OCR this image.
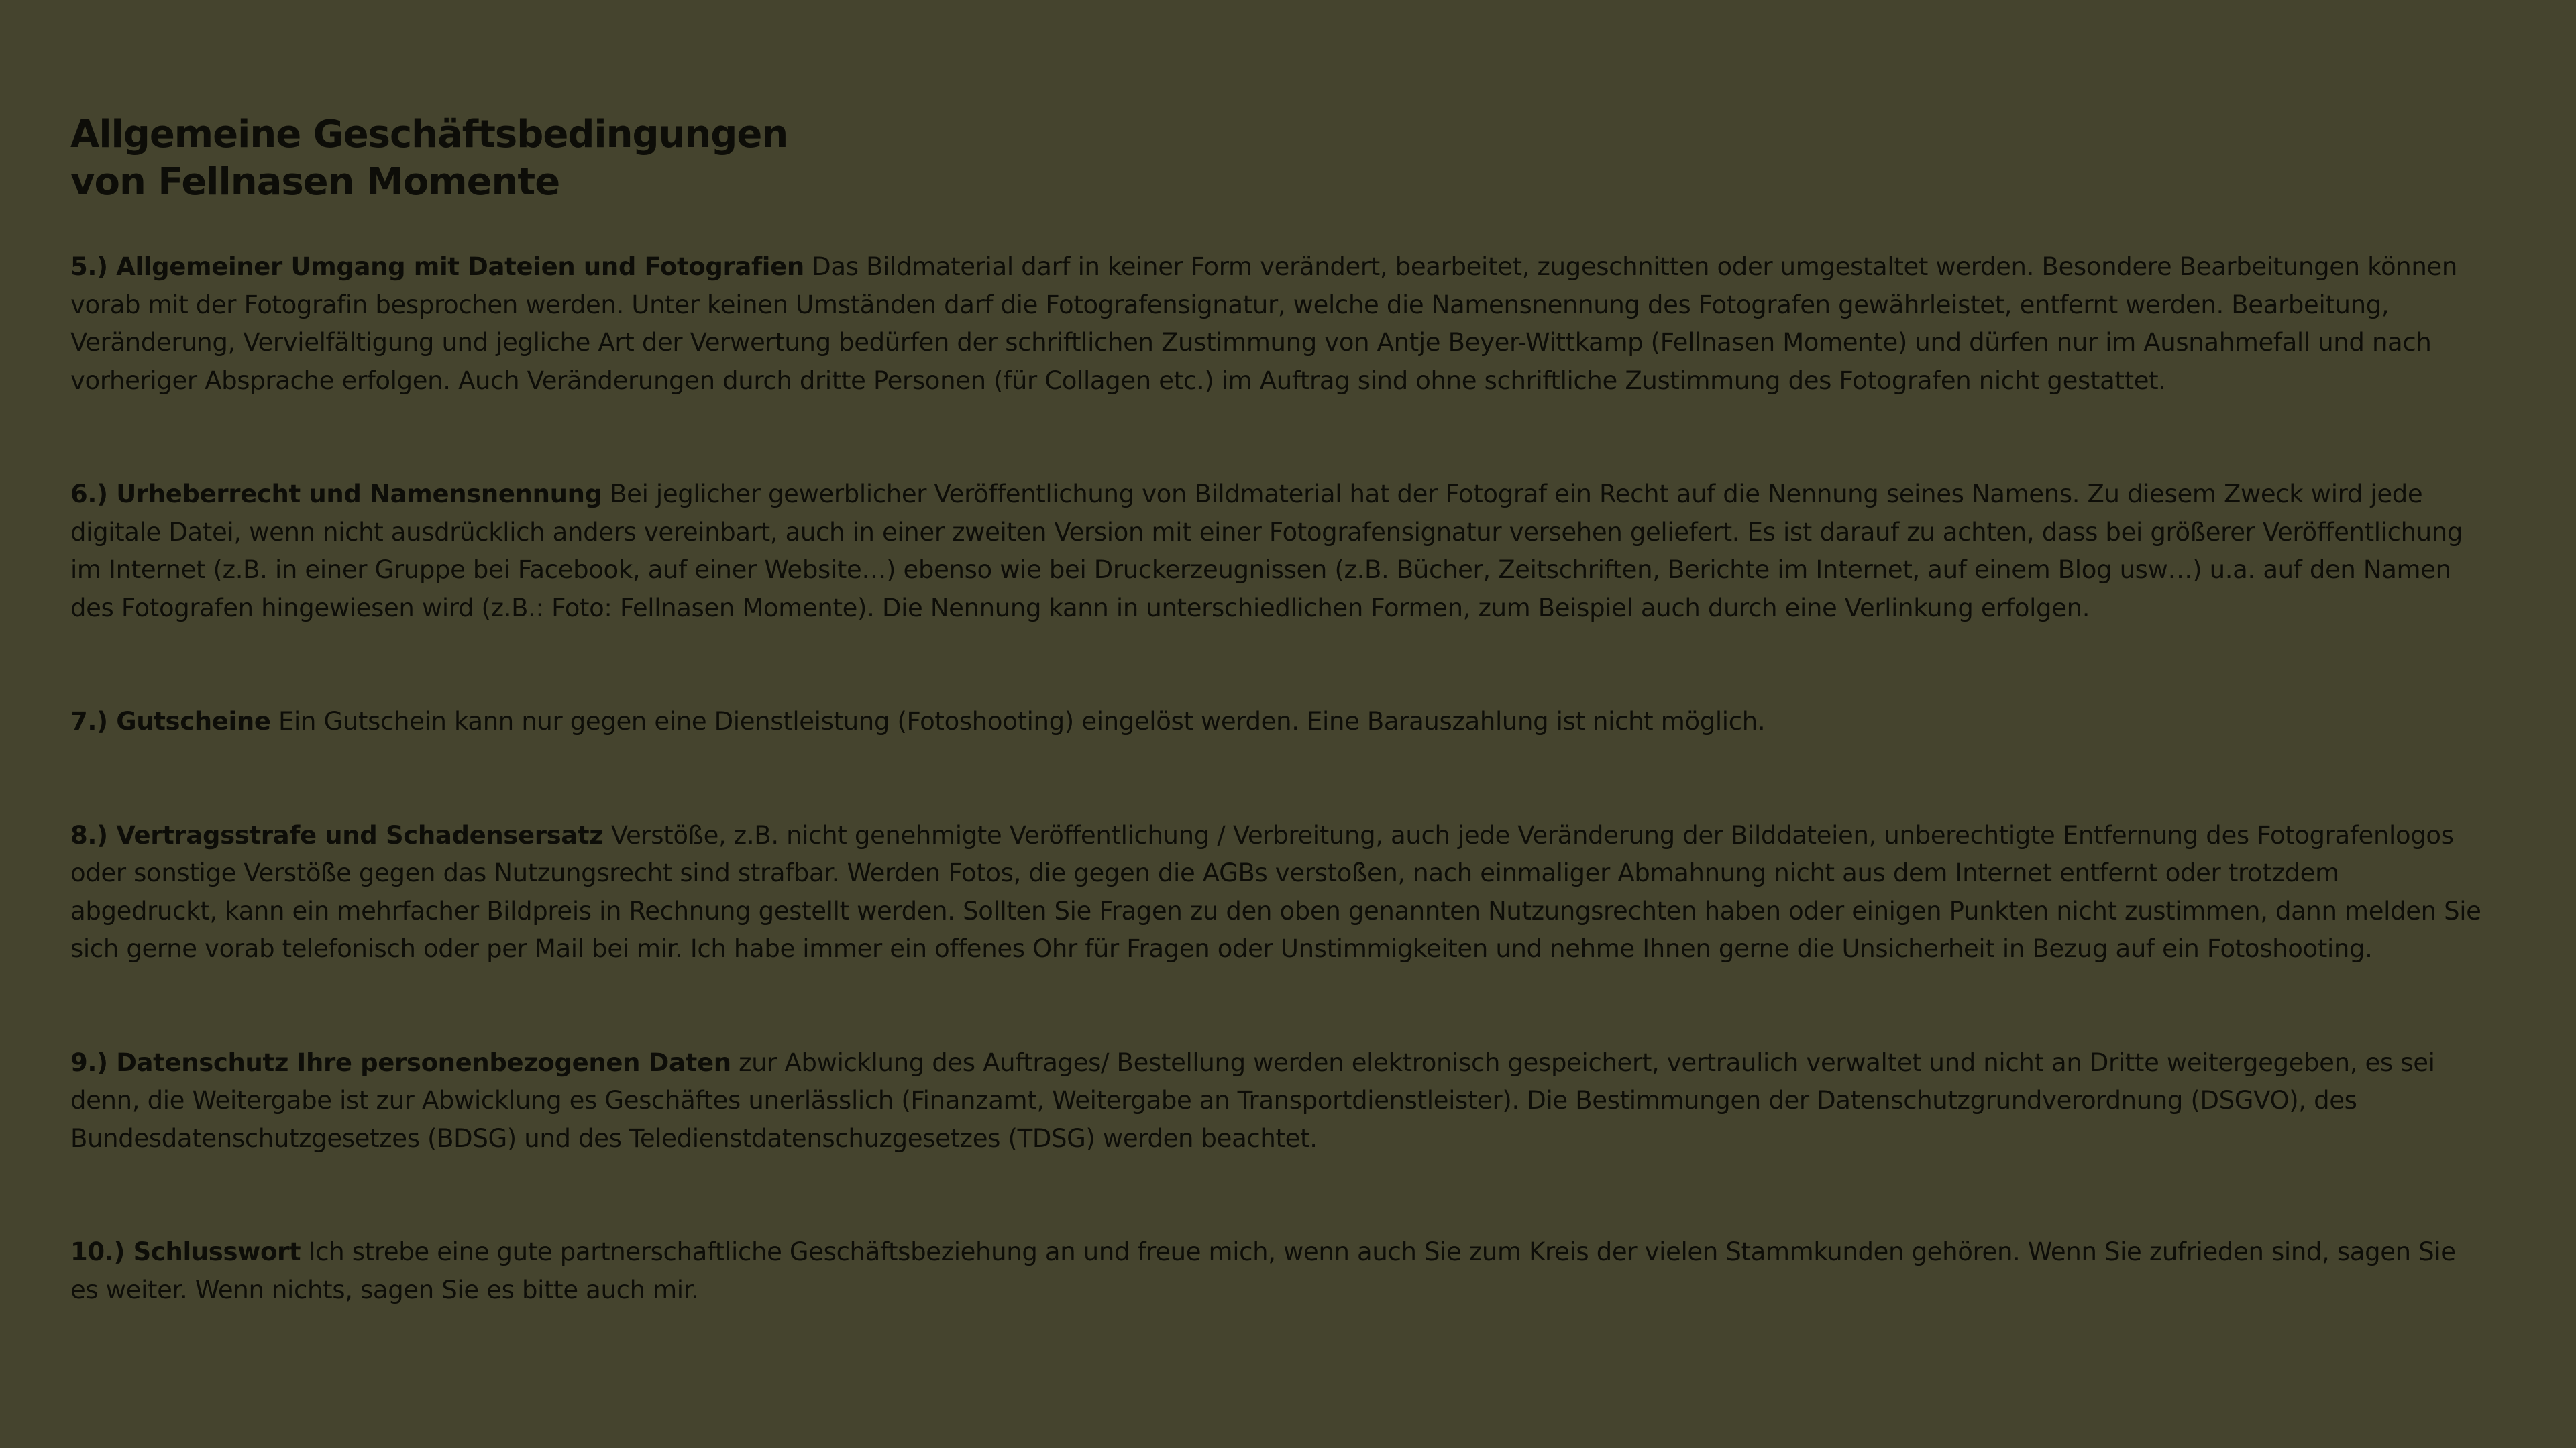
Allgemeine Geschäftsbedingungen
von Fellnasen Momente

5.) Allgemeiner Umgang mit Dateien und Fotografien Das Bildmaterial darf in keiner Form verändert, bearbeitet, zugeschnitten oder umgestaltet werden. Besondere Bearbeitungen können vorab mit der Fotografin besprochen werden. Unter keinen Umständen darf die Fotografensignatur, welche die Namensnennung des Fotografen gewährleistet, entfernt werden. Bearbeitung, Veränderung, Vervielfältigung und jegliche Art der Verwertung bedürfen der schriftlichen Zustimmung von Antje Beyer-Wittkamp (Fellnasen Momente) und dürfen nur im Ausnahmefall und nach vorheriger Absprache erfolgen. Auch Veränderungen durch dritte Personen (für Collagen etc.) im Auftrag sind ohne schriftliche Zustimmung des Fotografen nicht gestattet.

6.) Urheberrecht und Namensnennung Bei jeglicher gewerblicher Veröffentlichung von Bildmaterial hat der Fotograf ein Recht auf die Nennung seines Namens. Zu diesem Zweck wird jede digitale Datei, wenn nicht ausdrücklich anders vereinbart, auch in einer zweiten Version mit einer Fotografensignatur versehen geliefert. Es ist darauf zu achten, dass bei größerer Veröffentlichung im Internet (z.B. in einer Gruppe bei Facebook, auf einer Website…) ebenso wie bei Druckerzeugnissen (z.B. Bücher, Zeitschriften, Berichte im Internet, auf einem Blog usw…) u.a. auf den Namen des Fotografen hingewiesen wird (z.B.: Foto: Fellnasen Momente). Die Nennung kann in unterschiedlichen Formen, zum Beispiel auch durch eine Verlinkung erfolgen.

7.) Gutscheine Ein Gutschein kann nur gegen eine Dienstleistung (Fotoshooting) eingelöst werden. Eine Barauszahlung ist nicht möglich.

8.) Vertragsstrafe und Schadensersatz Verstöße, z.B. nicht genehmigte Veröffentlichung / Verbreitung, auch jede Veränderung der Bilddateien, unberechtigte Entfernung des Fotografenlogos oder sonstige Verstöße gegen das Nutzungsrecht sind strafbar. Werden Fotos, die gegen die AGBs verstoßen, nach einmaliger Abmahnung nicht aus dem Internet entfernt oder trotzdem abgedruckt, kann ein mehrfacher Bildpreis in Rechnung gestellt werden. Sollten Sie Fragen zu den oben genannten Nutzungsrechten haben oder einigen Punkten nicht zustimmen, dann melden Sie sich gerne vorab telefonisch oder per Mail bei mir. Ich habe immer ein offenes Ohr für Fragen oder Unstimmigkeiten und nehme Ihnen gerne die Unsicherheit in Bezug auf ein Fotoshooting.

9.) Datenschutz Ihre personenbezogenen Daten zur Abwicklung des Auftrages/ Bestellung werden elektronisch gespeichert, vertraulich verwaltet und nicht an Dritte weitergegeben, es sei denn, die Weitergabe ist zur Abwicklung es Geschäftes unerlässlich (Finanzamt, Weitergabe an Transportdienstleister). Die Bestimmungen der Datenschutzgrundverordnung (DSGVO), des Bundesdatenschutzgesetzes (BDSG) und des Teledienstdatenschuzgesetzes (TDSG) werden beachtet.

10.) Schlusswort Ich strebe eine gute partnerschaftliche Geschäftsbeziehung an und freue mich, wenn auch Sie zum Kreis der vielen Stammkunden gehören. Wenn Sie zufrieden sind, sagen Sie es weiter. Wenn nichts, sagen Sie es bitte auch mir.
